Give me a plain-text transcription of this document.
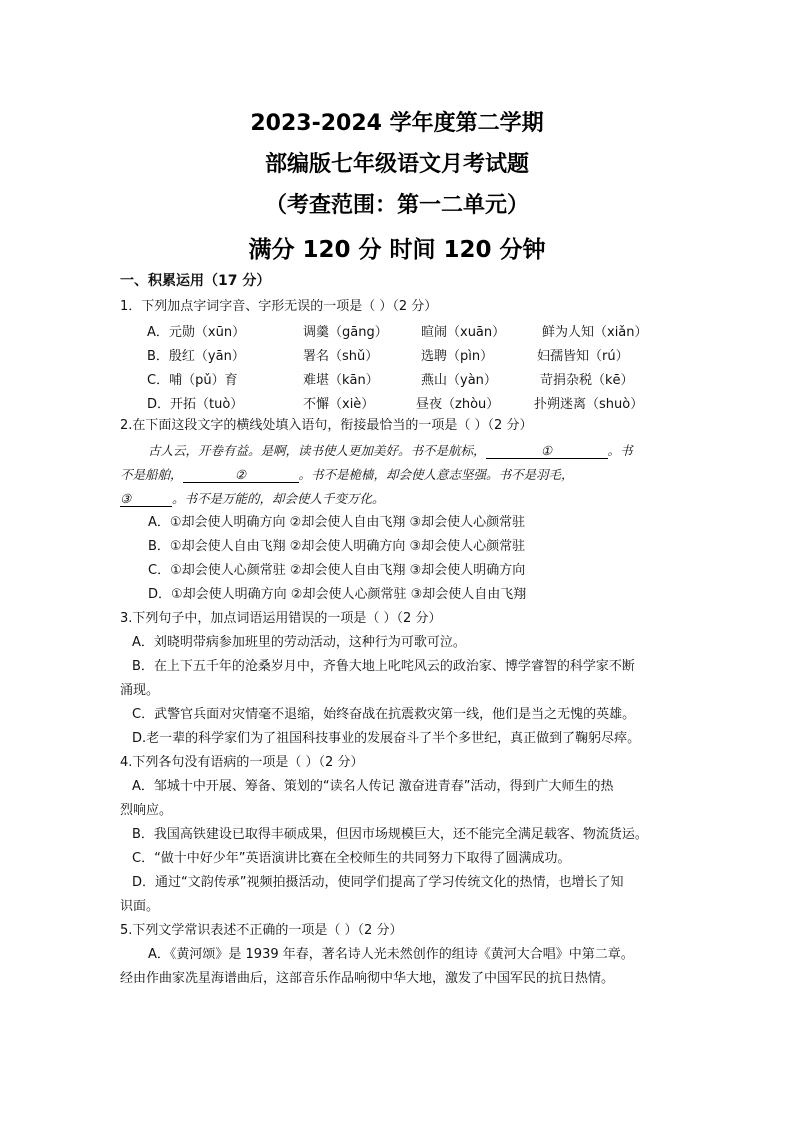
2023-2024 学年度第二学期
部编版七年级语文月考试题
（考查范围：第一二单元）
满分 120 分 时间 120 分钟
一、积累运用（17 分）
1．下列加点字词字音、字形无误的一项是（ ）（2 分）
A．元勋（xūn）	调羹（gāng）	暄闹（xuān）	鲜为人知（xiǎn）
B．殷红（yān）	署名（shǔ）	选聘（pìn）	妇孺皆知（rú）
C．哺（pǔ）育	难堪（kān）	燕山（yàn）	苛捐杂税（kē）
D．开拓（tuò）	不懈（xiè）	昼夜（zhòu）	扑朔迷离（shuò）
2.在下面这段文字的横线处填入语句，衔接最恰当的一项是（ ）（2 分）
古人云，开卷有益。是啊，读书使人更加美好。书不是航标，	①	。书
不是船舶，	②	。书不是桅樯，却会使人意志坚强。书不是羽毛，
③	。书不是万能的，却会使人千变万化。
A．①却会使人明确方向 ②却会使人自由飞翔 ③却会使人心颜常驻
B．①却会使人自由飞翔 ②却会使人明确方向 ③却会使人心颜常驻
C．①却会使人心颜常驻 ②却会使人自由飞翔 ③却会使人明确方向
D．①却会使人明确方向 ②却会使人心颜常驻 ③却会使人自由飞翔
3.下列句子中，加点词语运用错误的一项是（ ）（2 分）
A．刘晓明带病参加班里的劳动活动，这种行为可歌可泣。
B．在上下五千年的沧桑岁月中，齐鲁大地上叱咤风云的政治家、博学睿智的科学家不断
涌现。
C．武警官兵面对灾情毫不退缩，始终奋战在抗震救灾第一线，他们是当之无愧的英雄。
D.老一辈的科学家们为了祖国科技事业的发展奋斗了半个多世纪，真正做到了鞠躬尽瘁。
4.下列各句没有语病的一项是（ ）（2 分）
A．邹城十中开展、筹备、策划的“读名人传记 激奋进青春”活动，得到广大师生的热
烈响应。
B．我国高铁建设已取得丰硕成果，但因市场规模巨大，还不能完全满足载客、物流货运。
C．“做十中好少年”英语演讲比赛在全校师生的共同努力下取得了圆满成功。
D．通过“文韵传承”视频拍摄活动，使同学们提高了学习传统文化的热情，也增长了知
识面。
5.下列文学常识表述不正确的一项是（ ）（2 分）
A．《黄河颂》是 1939 年春，著名诗人光未然创作的组诗《黄河大合唱》中第二章。
经由作曲家冼星海谱曲后，这部音乐作品响彻中华大地，激发了中国军民的抗日热情。
